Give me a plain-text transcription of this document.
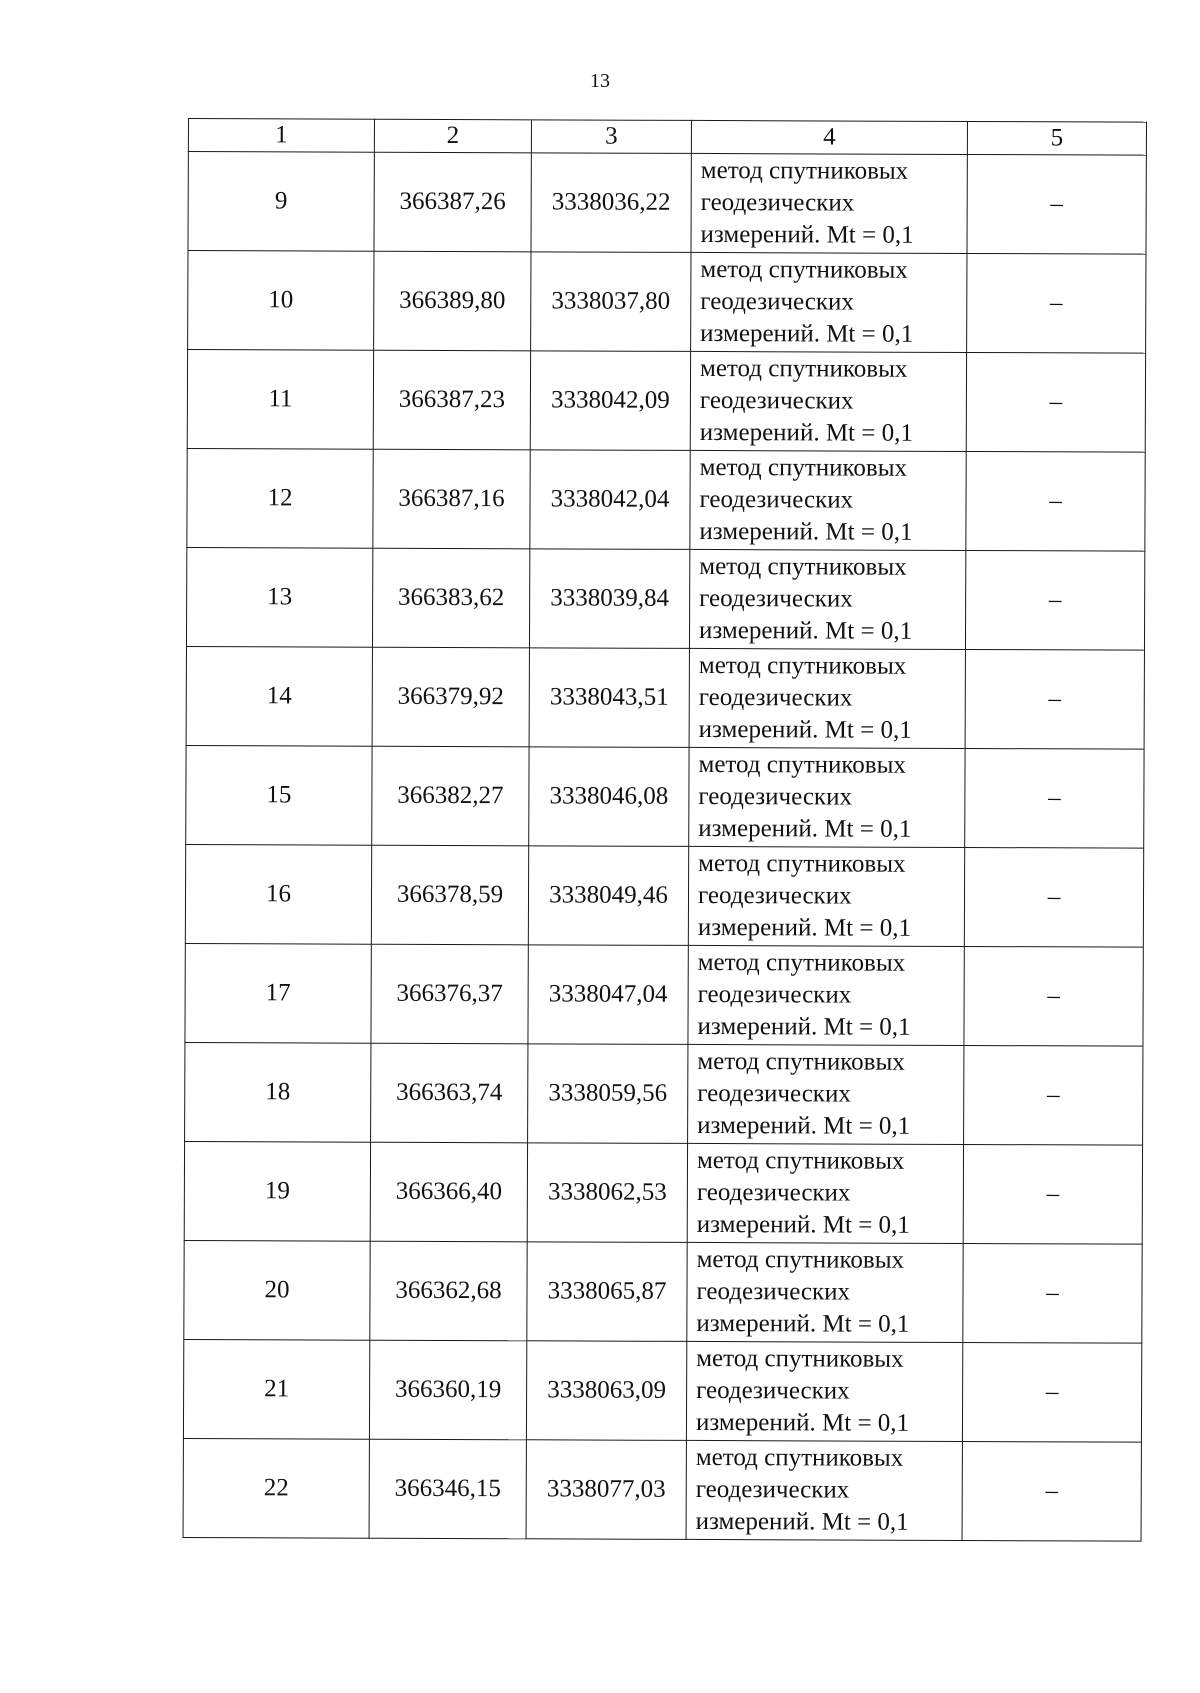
13
1	2	3	4	5
9	366387,26	3338036,22	метод спутниковых
геодезических
измерений. Mt = 0,1	–
10	366389,80	3338037,80	метод спутниковых
геодезических
измерений. Mt = 0,1	–
11	366387,23	3338042,09	метод спутниковых
геодезических
измерений. Mt = 0,1	–
12	366387,16	3338042,04	метод спутниковых
геодезических
измерений. Mt = 0,1	–
13	366383,62	3338039,84	метод спутниковых
геодезических
измерений. Mt = 0,1	–
14	366379,92	3338043,51	метод спутниковых
геодезических
измерений. Mt = 0,1	–
15	366382,27	3338046,08	метод спутниковых
геодезических
измерений. Mt = 0,1	–
16	366378,59	3338049,46	метод спутниковых
геодезических
измерений. Mt = 0,1	–
17	366376,37	3338047,04	метод спутниковых
геодезических
измерений. Mt = 0,1	–
18	366363,74	3338059,56	метод спутниковых
геодезических
измерений. Mt = 0,1	–
19	366366,40	3338062,53	метод спутниковых
геодезических
измерений. Mt = 0,1	–
20	366362,68	3338065,87	метод спутниковых
геодезических
измерений. Mt = 0,1	–
21	366360,19	3338063,09	метод спутниковых
геодезических
измерений. Mt = 0,1	–
22	366346,15	3338077,03	метод спутниковых
геодезических
измерений. Mt = 0,1	–
